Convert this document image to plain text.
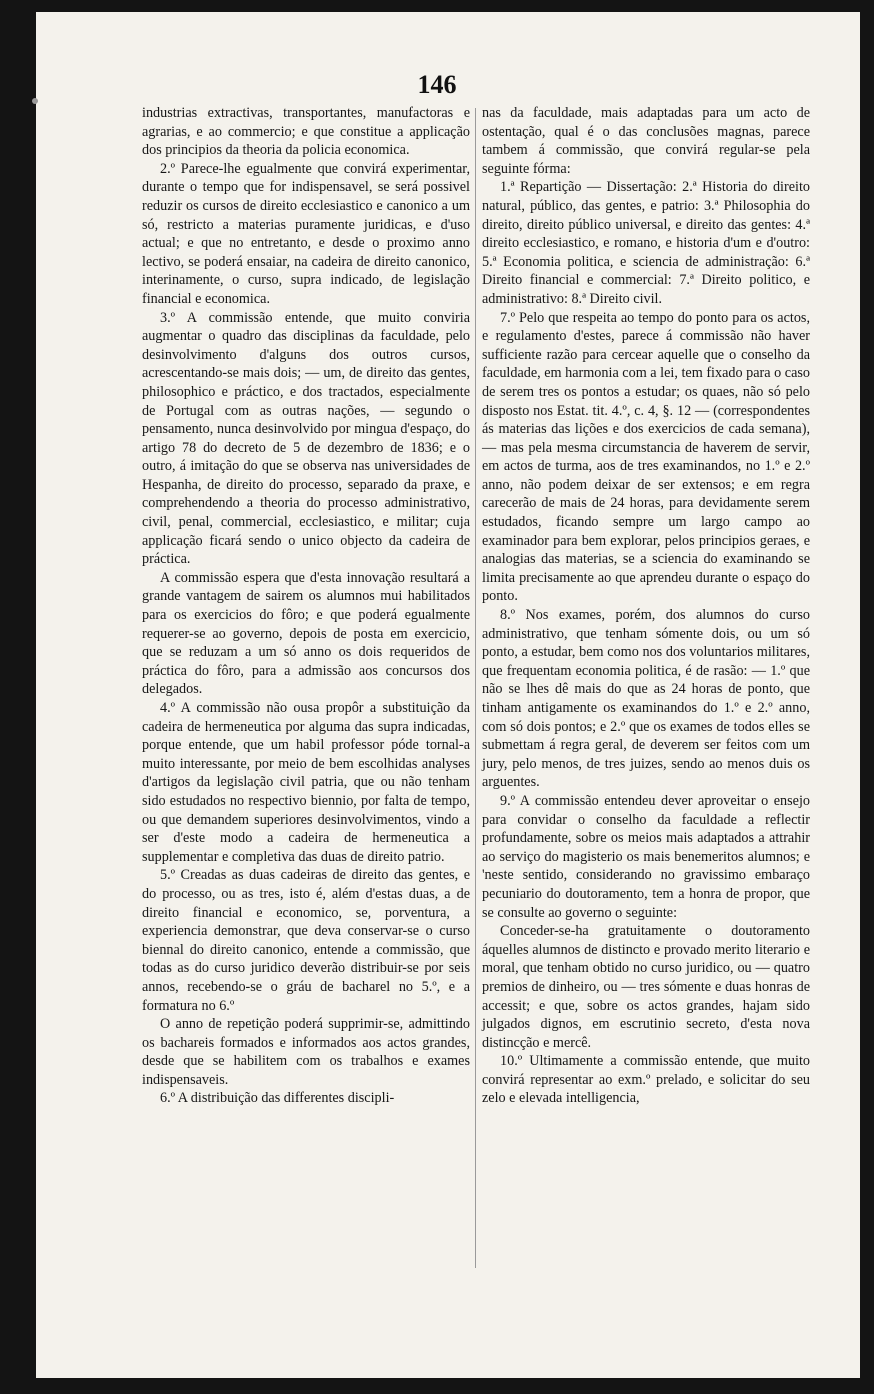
146

industrias extractivas, transportantes, manufactoras e agrarias, e ao commercio; e que constitue a applicação dos principios da theoria da policia economica.

2.º Parece-lhe egualmente que convirá experimentar, durante o tempo que for indispensavel, se será possivel reduzir os cursos de direito ecclesiastico e canonico a um só, restricto a materias puramente juridicas, e d'uso actual; e que no entretanto, e desde o proximo anno lectivo, se poderá ensaiar, na cadeira de direito canonico, interinamente, o curso, supra indicado, de legislação financial e economica.

3.º A commissão entende, que muito conviria augmentar o quadro das disciplinas da faculdade, pelo desinvolvimento d'alguns dos outros cursos, acrescentando-se mais dois; — um, de direito das gentes, philosophico e práctico, e dos tractados, especialmente de Portugal com as outras nações, — segundo o pensamento, nunca desinvolvido por mingua d'espaço, do artigo 78 do decreto de 5 de dezembro de 1836; e o outro, á imitação do que se observa nas universidades de Hespanha, de direito do processo, separado da praxe, e comprehendendo a theoria do processo administrativo, civil, penal, commercial, ecclesiastico, e militar; cuja applicação ficará sendo o unico objecto da cadeira de práctica.

A commissão espera que d'esta innovação resultará a grande vantagem de sairem os alumnos mui habilitados para os exercicios do fôro; e que poderá egualmente requerer-se ao governo, depois de posta em exercicio, que se reduzam a um só anno os dois requeridos de práctica do fôro, para a admissão aos concursos dos delegados.

4.º A commissão não ousa propôr a substituição da cadeira de hermeneutica por alguma das supra indicadas, porque entende, que um habil professor póde tornal-a muito interessante, por meio de bem escolhidas analyses d'artigos da legislação civil patria, que ou não tenham sido estudados no respectivo biennio, por falta de tempo, ou que demandem superiores desinvolvimentos, vindo a ser d'este modo a cadeira de hermeneutica a supplementar e completiva das duas de direito patrio.

5.º Creadas as duas cadeiras de direito das gentes, e do processo, ou as tres, isto é, além d'estas duas, a de direito financial e economico, se, porventura, a experiencia demonstrar, que deva conservar-se o curso biennal do direito canonico, entende a commissão, que todas as do curso juridico deverão distribuir-se por seis annos, recebendo-se o gráu de bacharel no 5.º, e a formatura no 6.º

O anno de repetição poderá supprimir-se, admittindo os bachareis formados e informados aos actos grandes, desde que se habilitem com os trabalhos e exames indispensaveis.

6.º A distribuição das differentes discipli-

nas da faculdade, mais adaptadas para um acto de ostentação, qual é o das conclusões magnas, parece tambem á commissão, que convirá regular-se pela seguinte fórma:

1.ª Repartição — Dissertação: 2.ª Historia do direito natural, público, das gentes, e patrio: 3.ª Philosophia do direito, direito público universal, e direito das gentes: 4.ª direito ecclesiastico, e romano, e historia d'um e d'outro: 5.ª Economia politica, e sciencia de administração: 6.ª Direito financial e commercial: 7.ª Direito politico, e administrativo: 8.ª Direito civil.

7.º Pelo que respeita ao tempo do ponto para os actos, e regulamento d'estes, parece á commissão não haver sufficiente razão para cercear aquelle que o conselho da faculdade, em harmonia com a lei, tem fixado para o caso de serem tres os pontos a estudar; os quaes, não só pelo disposto nos Estat. tit. 4.º, c. 4, §. 12 — (correspondentes ás materias das lições e dos exercicios de cada semana), — mas pela mesma circumstancia de haverem de servir, em actos de turma, aos de tres examinandos, no 1.º e 2.º anno, não podem deixar de ser extensos; e em regra carecerão de mais de 24 horas, para devidamente serem estudados, ficando sempre um largo campo ao examinador para bem explorar, pelos principios geraes, e analogias das materias, se a sciencia do examinando se limita precisamente ao que aprendeu durante o espaço do ponto.

8.º Nos exames, porém, dos alumnos do curso administrativo, que tenham sómente dois, ou um só ponto, a estudar, bem como nos dos voluntarios militares, que frequentam economia politica, é de rasão: — 1.º que não se lhes dê mais do que as 24 horas de ponto, que tinham antigamente os examinandos do 1.º e 2.º anno, com só dois pontos; e 2.º que os exames de todos elles se submettam á regra geral, de deverem ser feitos com um jury, pelo menos, de tres juizes, sendo ao menos duis os arguentes.

9.º A commissão entendeu dever aproveitar o ensejo para convidar o conselho da faculdade a reflectir profundamente, sobre os meios mais adaptados a attrahir ao serviço do magisterio os mais benemeritos alumnos; e 'neste sentido, considerando no gravissimo embaraço pecuniario do doutoramento, tem a honra de propor, que se consulte ao governo o seguinte:

Conceder-se-ha gratuitamente o doutoramento áquelles alumnos de distincto e provado merito literario e moral, que tenham obtido no curso juridico, ou — quatro premios de dinheiro, ou — tres sómente e duas honras de accessit; e que, sobre os actos grandes, hajam sido julgados dignos, em escrutinio secreto, d'esta nova distincção e mercê.

10.º Ultimamente a commissão entende, que muito convirá representar ao exm.º prelado, e solicitar do seu zelo e elevada intelligencia,
